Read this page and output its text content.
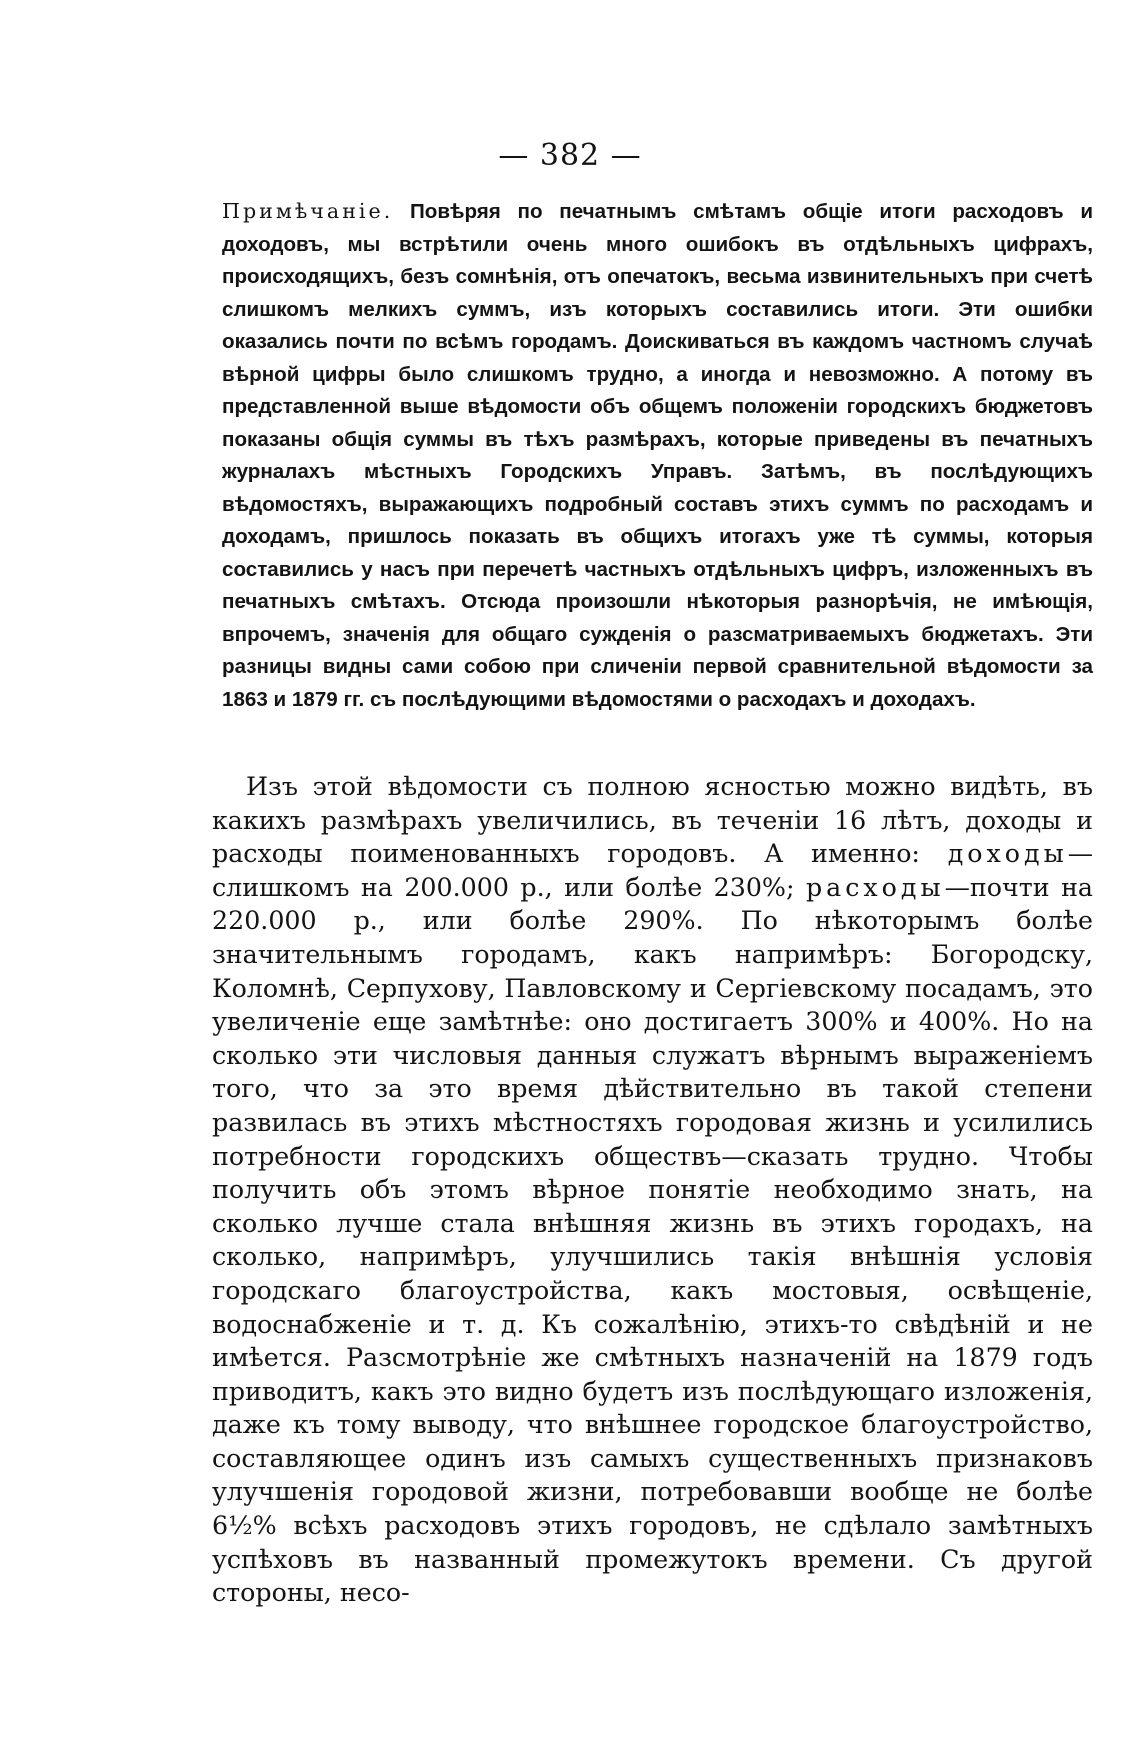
— 382 —

Примѣчаніе. Повѣряя по печатнымъ смѣтамъ общіе итоги расходовъ и доходовъ, мы встрѣтили очень много ошибокъ въ отдѣльныхъ цифрахъ, происходящихъ, безъ сомнѣнія, отъ опечатокъ, весьма извинительныхъ при счетѣ слишкомъ мелкихъ суммъ, изъ которыхъ составились итоги. Эти ошибки оказались почти по всѣмъ городамъ. Доискиваться въ каждомъ частномъ случаѣ вѣрной цифры было слишкомъ трудно, а иногда и невозможно. А потому въ представленной выше вѣдомости объ общемъ положеніи городскихъ бюджетовъ показаны общія суммы въ тѣхъ размѣрахъ, которые приведены въ печатныхъ журналахъ мѣстныхъ Городскихъ Управъ. Затѣмъ, въ послѣдующихъ вѣдомостяхъ, выражающихъ подробный составъ этихъ суммъ по расходамъ и доходамъ, пришлось показать въ общихъ итогахъ уже тѣ суммы, которыя составились у насъ при перечетѣ частныхъ отдѣльныхъ цифръ, изложенныхъ въ печатныхъ смѣтахъ. Отсюда произошли нѣкоторыя разнорѣчія, не имѣющія, впрочемъ, значенія для общаго сужденія о разсматриваемыхъ бюджетахъ. Эти разницы видны сами собою при сличеніи первой сравнительной вѣдомости за 1863 и 1879 гг. съ послѣдующими вѣдомостями о расходахъ и доходахъ.

Изъ этой вѣдомости съ полною ясностью можно видѣть, въ какихъ размѣрахъ увеличились, въ теченіи 16 лѣтъ, доходы и расходы поименованныхъ городовъ. А именно: доходы—слишкомъ на 200.000 р., или болѣе 230%; расходы—почти на 220.000 р., или болѣе 290%. По нѣкоторымъ болѣе значительнымъ городамъ, какъ напримѣръ: Богородску, Коломнѣ, Серпухову, Павловскому и Сергіевскому посадамъ, это увеличеніе еще замѣтнѣе: оно достигаетъ 300% и 400%. Но на сколько эти числовыя данныя служатъ вѣрнымъ выраженіемъ того, что за это время дѣйствительно въ такой степени развилась въ этихъ мѣстностяхъ городовая жизнь и усилились потребности городскихъ обществъ—сказать трудно. Чтобы получить объ этомъ вѣрное понятіе необходимо знать, на сколько лучше стала внѣшняя жизнь въ этихъ городахъ, на сколько, напримѣръ, улучшились такія внѣшнія условія городскаго благоустройства, какъ мостовыя, освѣщеніе, водоснабженіе и т. д. Къ сожалѣнію, этихъ-то свѣдѣній и не имѣется. Разсмотрѣніе же смѣтныхъ назначеній на 1879 годъ приводитъ, какъ это видно будетъ изъ послѣдующаго изложенія, даже къ тому выводу, что внѣшнее городское благоустройство, составляющее одинъ изъ самыхъ существенныхъ признаковъ улучшенія городовой жизни, потребовавши вообще не болѣе 6½% всѣхъ расходовъ этихъ городовъ, не сдѣлало замѣтныхъ успѣховъ въ названный промежутокъ времени. Съ другой стороны, несо-
